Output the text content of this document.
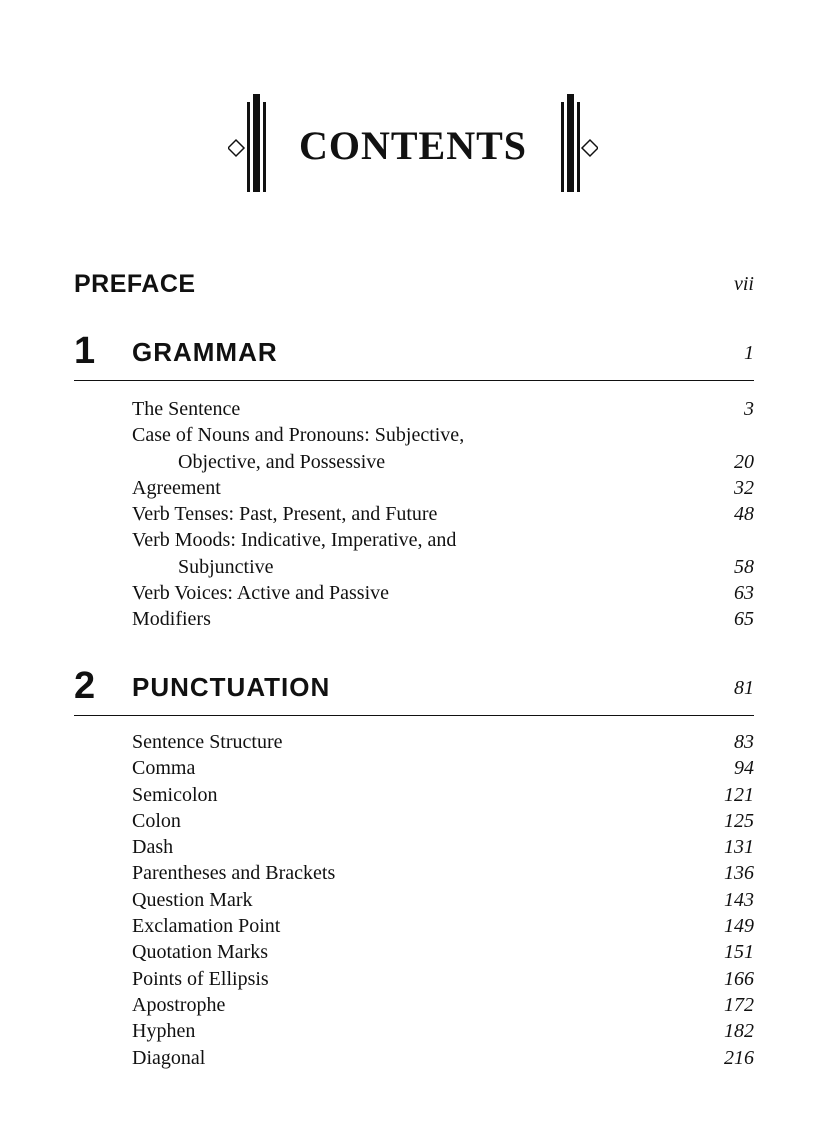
CONTENTS
PREFACE	vii
1 GRAMMAR	1
The Sentence	3
Case of Nouns and Pronouns: Subjective,
Objective, and Possessive	20
Agreement	32
Verb Tenses: Past, Present, and Future	48
Verb Moods: Indicative, Imperative, and
Subjunctive	58
Verb Voices: Active and Passive	63
Modifiers	65
2 PUNCTUATION	81
Sentence Structure	83
Comma	94
Semicolon	121
Colon	125
Dash	131
Parentheses and Brackets	136
Question Mark	143
Exclamation Point	149
Quotation Marks	151
Points of Ellipsis	166
Apostrophe	172
Hyphen	182
Diagonal	216
